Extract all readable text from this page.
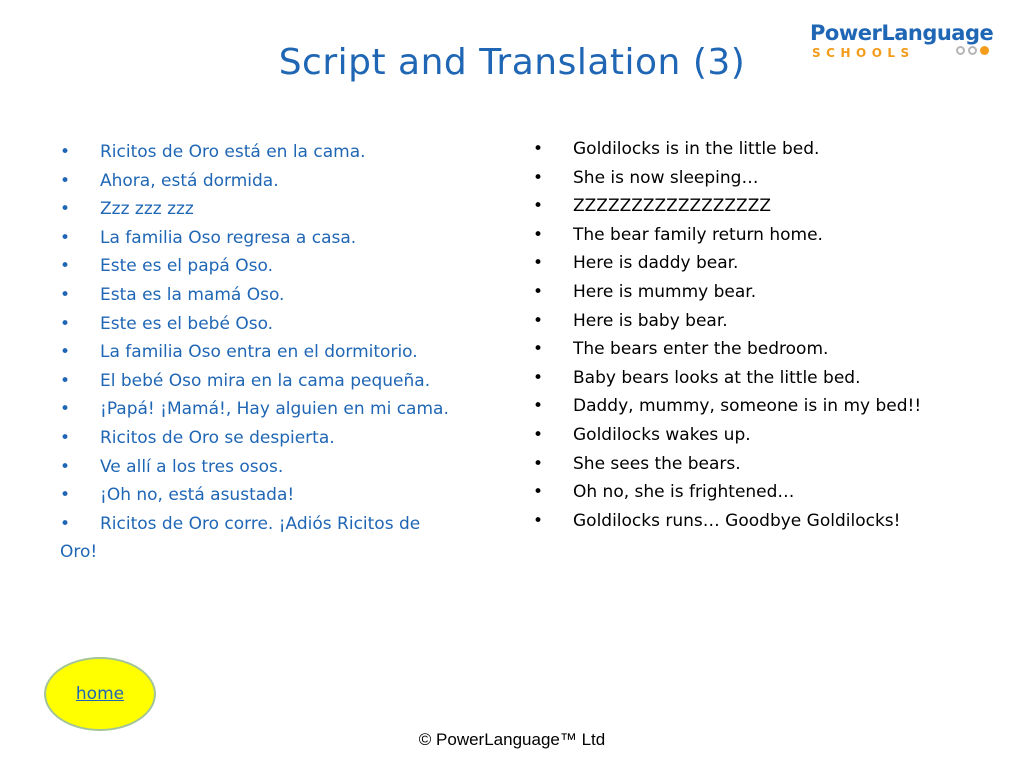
Script and Translation (3)
PowerLanguage
SCHOOLS
• Ricitos de Oro está en la cama.
• Ahora, está dormida.
• Zzz zzz zzz
• La familia Oso regresa a casa.
• Este es el papá Oso.
• Esta es la mamá Oso.
• Este es el bebé Oso.
• La familia Oso entra en el dormitorio.
• El bebé Oso mira en la cama pequeña.
• ¡Papá! ¡Mamá!, Hay alguien en mi cama.
• Ricitos de Oro se despierta.
• Ve allí a los tres osos.
• ¡Oh no, está asustada!
• Ricitos de Oro corre. ¡Adiós Ricitos de
Oro!
• Goldilocks is in the little bed.
• She is now sleeping…
• ZZZZZZZZZZZZZZZZZ
• The bear family return home.
• Here is daddy bear.
• Here is mummy bear.
• Here is baby bear.
• The bears enter the bedroom.
• Baby bears looks at the little bed.
• Daddy, mummy, someone is in my bed!!
• Goldilocks wakes up.
• She sees the bears.
• Oh no, she is frightened…
• Goldilocks runs… Goodbye Goldilocks!
home
© PowerLanguage™ Ltd
